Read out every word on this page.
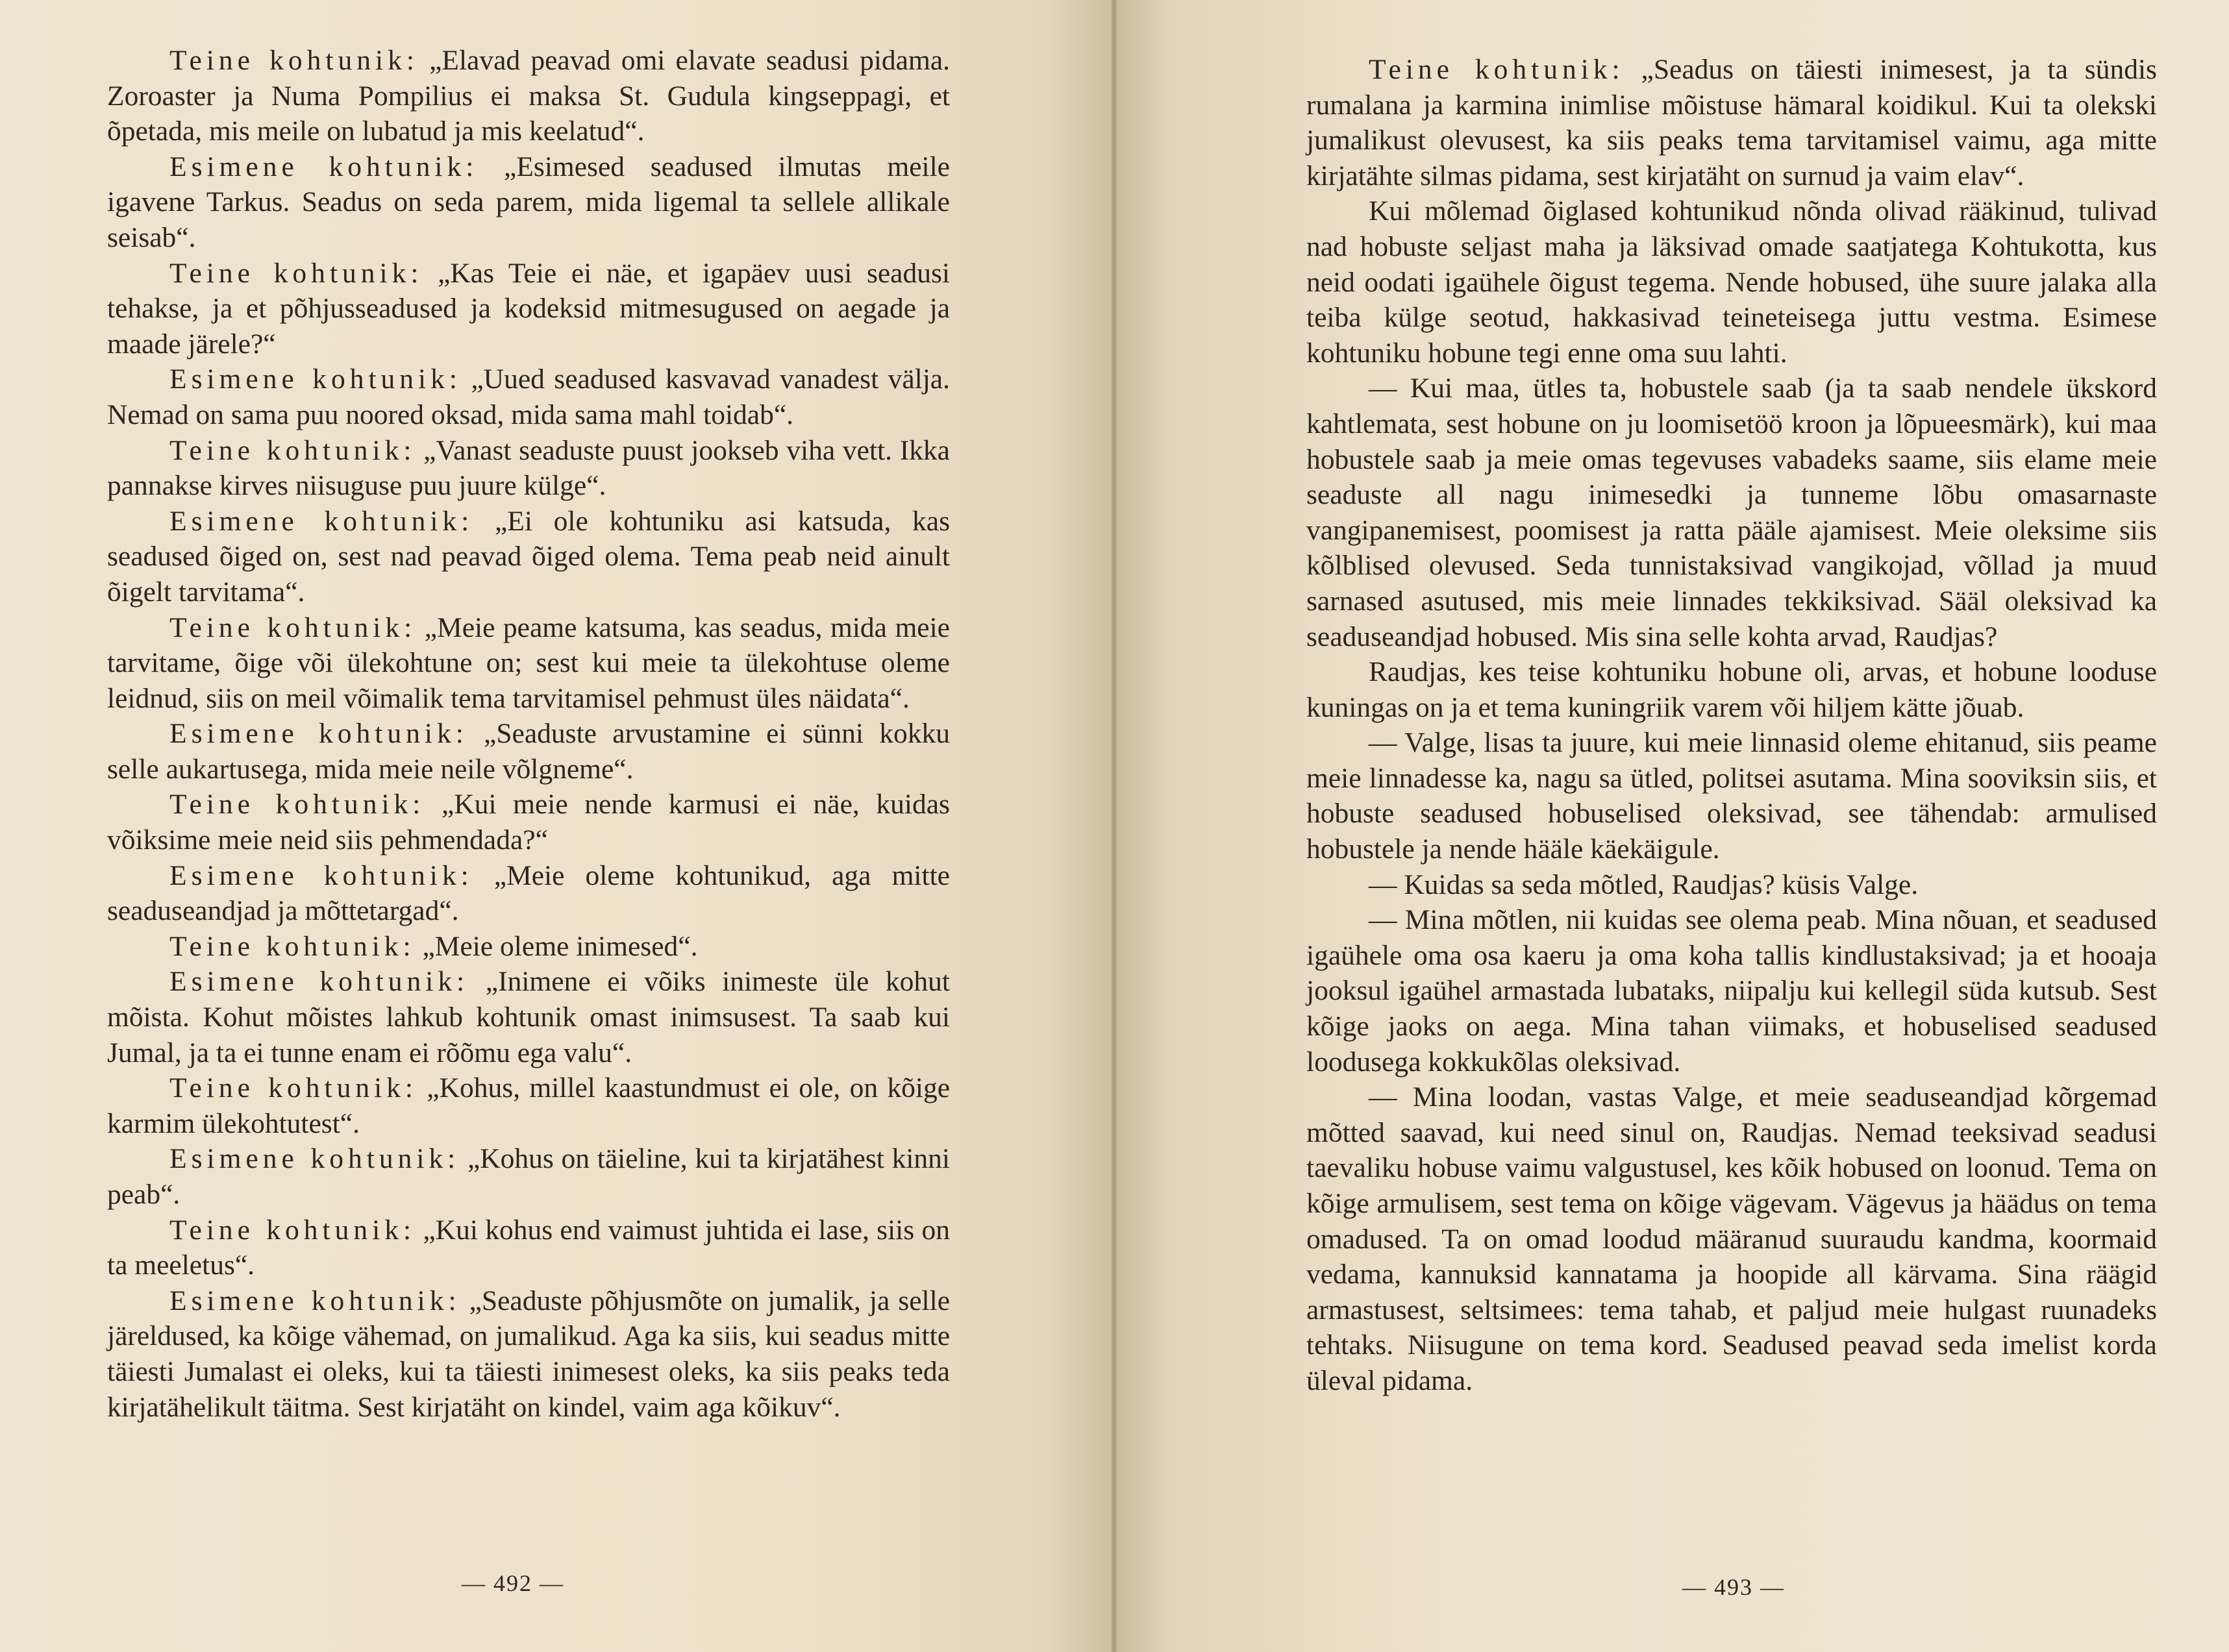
Teine kohtunik: „Elavad peavad omi elavate seadusi pidama. Zoroaster ja Numa Pompilius ei maksa St. Gudula kingseppagi, et õpetada, mis meile on lubatud ja mis keelatud“.

Esimene kohtunik: „Esimesed seadused ilmutas meile igavene Tarkus. Seadus on seda parem, mida ligemal ta sellele allikale seisab“.

Teine kohtunik: „Kas Teie ei näe, et igapäev uusi seadusi tehakse, ja et põhjusseadused ja kodeksid mitmesugused on aegade ja maade järele?“

Esimene kohtunik: „Uued seadused kasvavad vanadest välja. Nemad on sama puu noored oksad, mida sama mahl toidab“.

Teine kohtunik: „Vanast seaduste puust jookseb viha vett. Ikka pannakse kirves niisuguse puu juure külge“.

Esimene kohtunik: „Ei ole kohtuniku asi katsuda, kas seadused õiged on, sest nad peavad õiged olema. Tema peab neid ainult õigelt tarvitama“.

Teine kohtunik: „Meie peame katsuma, kas seadus, mida meie tarvitame, õige või ülekohtune on; sest kui meie ta ülekohtuse oleme leidnud, siis on meil võimalik tema tarvitamisel pehmust üles näidata“.

Esimene kohtunik: „Seaduste arvustamine ei sünni kokku selle aukartusega, mida meie neile võlgneme“.

Teine kohtunik: „Kui meie nende karmusi ei näe, kuidas võiksime meie neid siis pehmendada?“

Esimene kohtunik: „Meie oleme kohtunikud, aga mitte seaduseandjad ja mõttetargad“.

Teine kohtunik: „Meie oleme inimesed“.

Esimene kohtunik: „Inimene ei võiks inimeste üle kohut mõista. Kohut mõistes lahkub kohtunik omast inimsusest. Ta saab kui Jumal, ja ta ei tunne enam ei rõõmu ega valu“.

Teine kohtunik: „Kohus, millel kaastundmust ei ole, on kõige karmim ülekohtutest“.

Esimene kohtunik: „Kohus on täieline, kui ta kirjatähest kinni peab“.

Teine kohtunik: „Kui kohus end vaimust juhtida ei lase, siis on ta meeletus“.

Esimene kohtunik: „Seaduste põhjusmõte on jumalik, ja selle järeldused, ka kõige vähemad, on jumalikud. Aga ka siis, kui seadus mitte täiesti Jumalast ei oleks, kui ta täiesti inimesest oleks, ka siis peaks teda kirjatähelikult täitma. Sest kirjatäht on kindel, vaim aga kõikuv“.

— 492 —

Teine kohtunik: „Seadus on täiesti inimesest, ja ta sündis rumalana ja karmina inimlise mõistuse hämaral koidikul. Kui ta olekski jumalikust olevusest, ka siis peaks tema tarvitamisel vaimu, aga mitte kirjatähte silmas pidama, sest kirjatäht on surnud ja vaim elav“.

Kui mõlemad õiglased kohtunikud nõnda olivad rääkinud, tulivad nad hobuste seljast maha ja läksivad omade saatjatega Kohtukotta, kus neid oodati igaühele õigust tegema. Nende hobused, ühe suure jalaka alla teiba külge seotud, hakkasivad teineteisega juttu vestma. Esimese kohtuniku hobune tegi enne oma suu lahti.

— Kui maa, ütles ta, hobustele saab (ja ta saab nendele ükskord kahtlemata, sest hobune on ju loomisetöö kroon ja lõpueesmärk), kui maa hobustele saab ja meie omas tegevuses vabadeks saame, siis elame meie seaduste all nagu inimesedki ja tunneme lõbu omasarnaste vangipanemisest, poomisest ja ratta pääle ajamisest. Meie oleksime siis kõlblised olevused. Seda tunnistaksivad vangikojad, võllad ja muud sarnased asutused, mis meie linnades tekkiksivad. Sääl oleksivad ka seaduseandjad hobused. Mis sina selle kohta arvad, Raudjas?

Raudjas, kes teise kohtuniku hobune oli, arvas, et hobune looduse kuningas on ja et tema kuningriik varem või hiljem kätte jõuab.

— Valge, lisas ta juure, kui meie linnasid oleme ehitanud, siis peame meie linnadesse ka, nagu sa ütled, politsei asutama. Mina sooviksin siis, et hobuste seadused hobuselised oleksivad, see tähendab: armulised hobustele ja nende hääle käekäigule.

— Kuidas sa seda mõtled, Raudjas? küsis Valge.

— Mina mõtlen, nii kuidas see olema peab. Mina nõuan, et seadused igaühele oma osa kaeru ja oma koha tallis kindlustaksivad; ja et hooaja jooksul igaühel armastada lubataks, niipalju kui kellegil süda kutsub. Sest kõige jaoks on aega. Mina tahan viimaks, et hobuselised seadused loodusega kokkukõlas oleksivad.

— Mina loodan, vastas Valge, et meie seaduseandjad kõrgemad mõtted saavad, kui need sinul on, Raudjas. Nemad teeksivad seadusi taevaliku hobuse vaimu valgustusel, kes kõik hobused on loonud. Tema on kõige armulisem, sest tema on kõige vägevam. Vägevus ja häädus on tema omadused. Ta on omad loodud määranud suuraudu kandma, koormaid vedama, kannuksid kannatama ja hoopide all kärvama. Sina räägid armastusest, seltsimees: tema tahab, et paljud meie hulgast ruunadeks tehtaks. Niisugune on tema kord. Seadused peavad seda imelist korda üleval pidama.

— 493 —
